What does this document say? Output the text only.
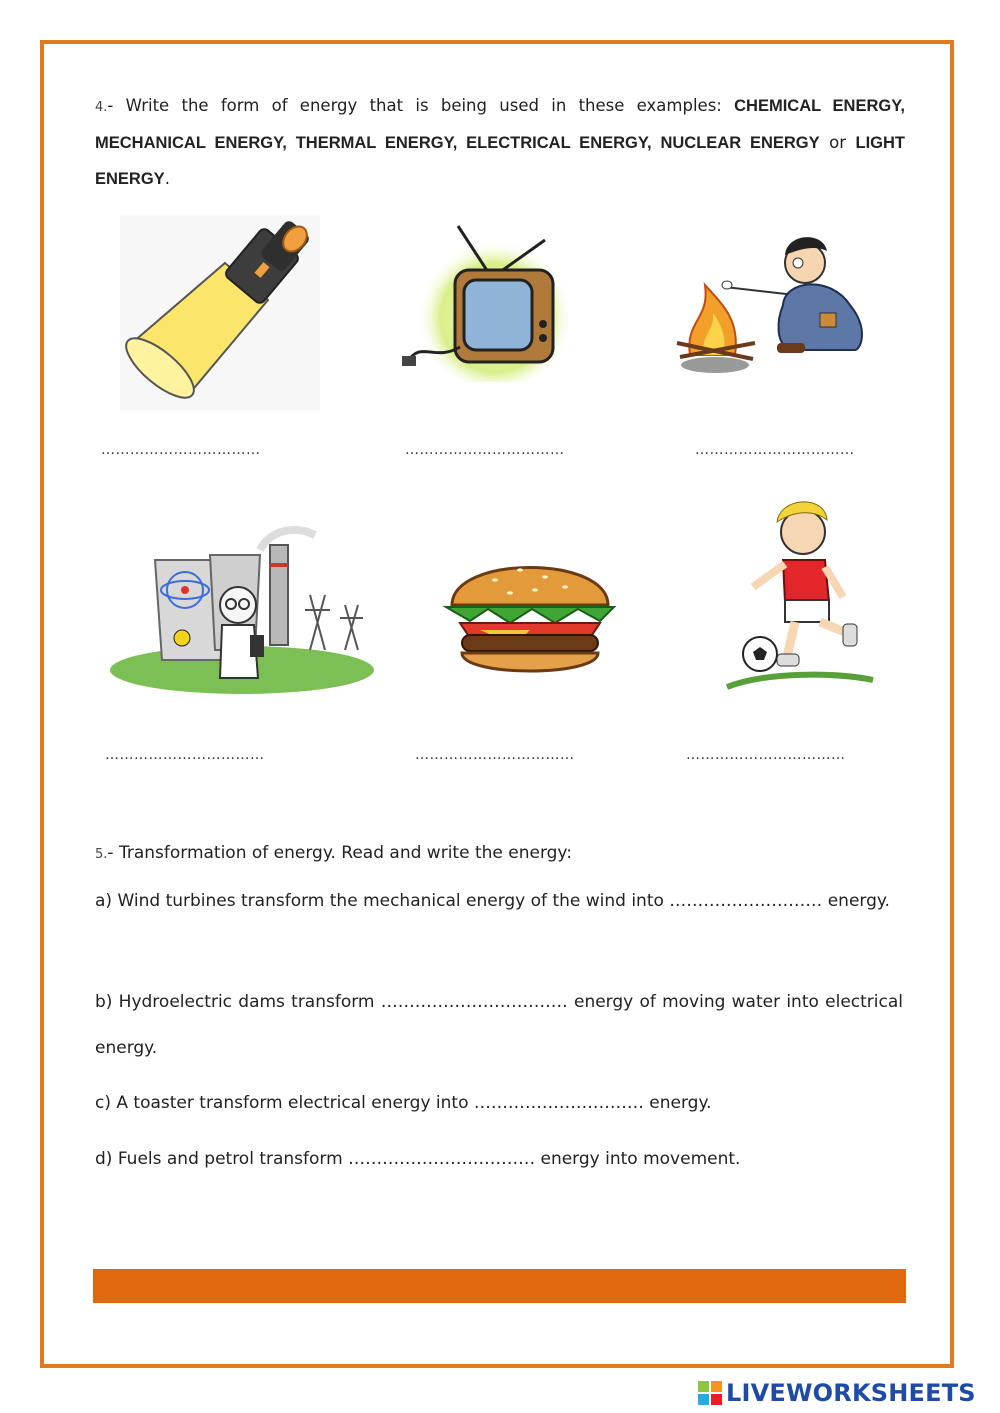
4.- Write the form of energy that is being used in these examples: CHEMICAL ENERGY, MECHANICAL ENERGY, THERMAL ENERGY, ELECTRICAL ENERGY, NUCLEAR ENERGY or LIGHT ENERGY.
……………………………	……………………………	……………………………
……………………………	……………………………	……………………………
5.- Transformation of energy. Read and write the energy:
a) Wind turbines transform the mechanical energy of the wind into ……………………… energy.
b) Hydroelectric dams transform …………………………… energy of moving water into electrical energy.
c) A toaster transform electrical energy into ………………………… energy.
d) Fuels and petrol transform …………………………… energy into movement.
LIVEWORKSHEETS
